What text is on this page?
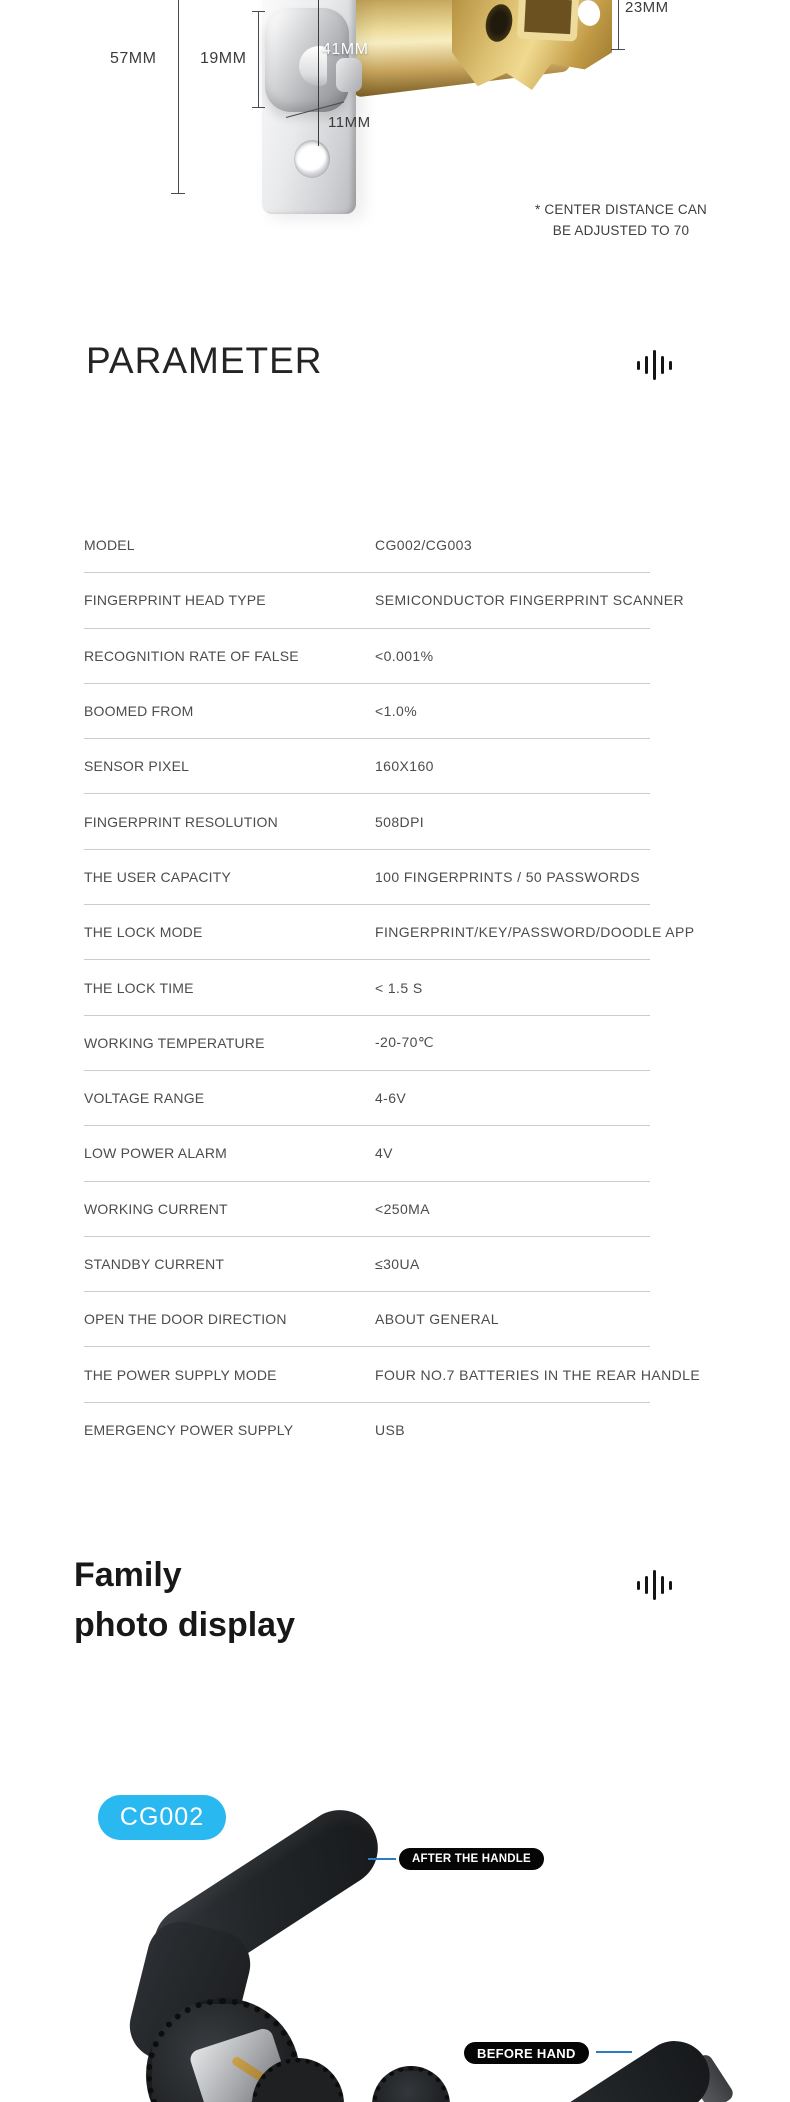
57MM	19MM
41MM
11MM
23MM
* CENTER DISTANCE CAN
BE ADJUSTED TO 70
PARAMETER
MODEL	CG002/CG003
FINGERPRINT HEAD TYPE	SEMICONDUCTOR FINGERPRINT SCANNER
RECOGNITION RATE OF FALSE	<0.001%
BOOMED FROM	<1.0%
SENSOR PIXEL	160X160
FINGERPRINT RESOLUTION	508DPI
THE USER CAPACITY	100 FINGERPRINTS / 50 PASSWORDS
THE LOCK MODE	FINGERPRINT/KEY/PASSWORD/DOODLE APP
THE LOCK TIME	< 1.5 S
WORKING TEMPERATURE	-20-70℃
VOLTAGE RANGE	4-6V
LOW POWER ALARM	4V
WORKING CURRENT	<250MA
STANDBY CURRENT	≤30UA
OPEN THE DOOR DIRECTION	ABOUT GENERAL
THE POWER SUPPLY MODE	FOUR NO.7 BATTERIES IN THE REAR HANDLE
EMERGENCY POWER SUPPLY	USB
Family
photo display
CG002
AFTER THE HANDLE
BEFORE HAND
